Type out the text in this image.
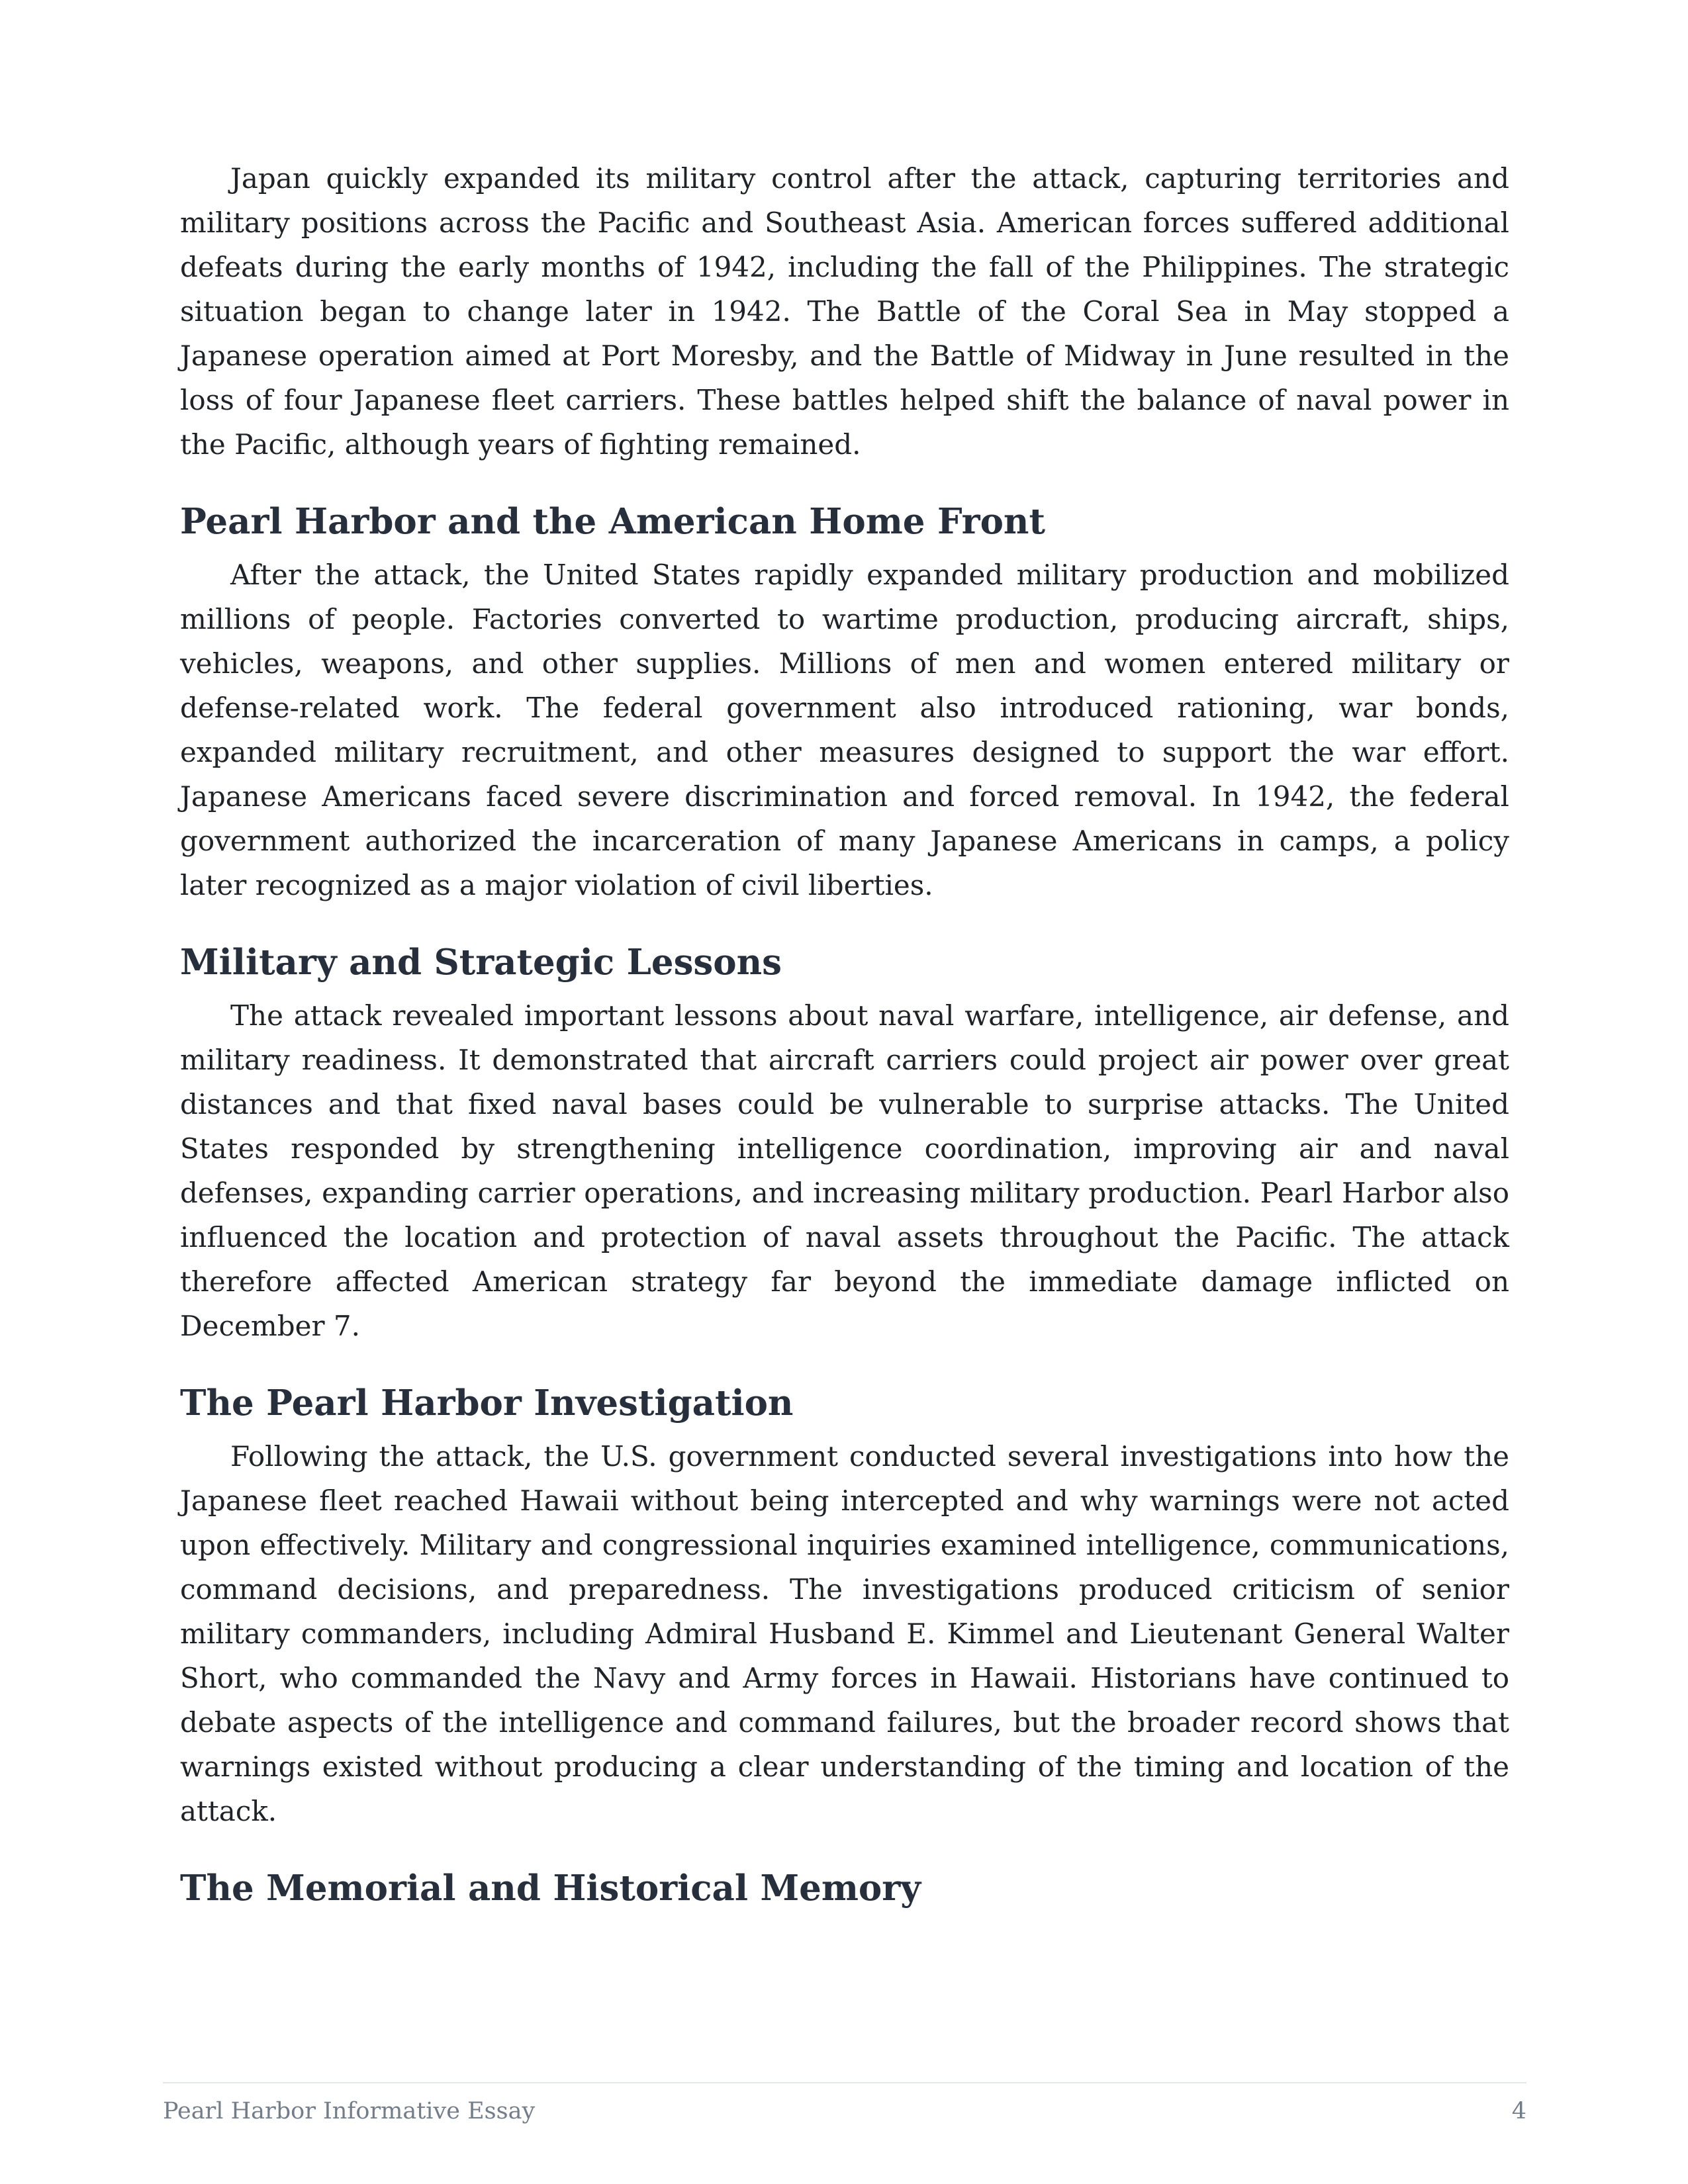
Japan quickly expanded its military control after the attack, capturing territories and military positions across the Pacific and Southeast Asia. American forces suffered additional defeats during the early months of 1942, including the fall of the Philippines. The strategic situation began to change later in 1942. The Battle of the Coral Sea in May stopped a Japanese operation aimed at Port Moresby, and the Battle of Midway in June resulted in the loss of four Japanese fleet carriers. These battles helped shift the balance of naval power in the Pacific, although years of fighting remained.

Pearl Harbor and the American Home Front

After the attack, the United States rapidly expanded military production and mobilized millions of people. Factories converted to wartime production, producing aircraft, ships, vehicles, weapons, and other supplies. Millions of men and women entered military or defense-related work. The federal government also introduced rationing, war bonds, expanded military recruitment, and other measures designed to support the war effort. Japanese Americans faced severe discrimination and forced removal. In 1942, the federal government authorized the incarceration of many Japanese Americans in camps, a policy later recognized as a major violation of civil liberties.

Military and Strategic Lessons

The attack revealed important lessons about naval warfare, intelligence, air defense, and military readiness. It demonstrated that aircraft carriers could project air power over great distances and that fixed naval bases could be vulnerable to surprise attacks. The United States responded by strengthening intelligence coordination, improving air and naval defenses, expanding carrier operations, and increasing military production. Pearl Harbor also influenced the location and protection of naval assets throughout the Pacific. The attack therefore affected American strategy far beyond the immediate damage inflicted on December 7.

The Pearl Harbor Investigation

Following the attack, the U.S. government conducted several investigations into how the Japanese fleet reached Hawaii without being intercepted and why warnings were not acted upon effectively. Military and congressional inquiries examined intelligence, communications, command decisions, and preparedness. The investigations produced criticism of senior military commanders, including Admiral Husband E. Kimmel and Lieutenant General Walter Short, who commanded the Navy and Army forces in Hawaii. Historians have continued to debate aspects of the intelligence and command failures, but the broader record shows that warnings existed without producing a clear understanding of the timing and location of the attack.

The Memorial and Historical Memory
Pearl Harbor Informative Essay	4
